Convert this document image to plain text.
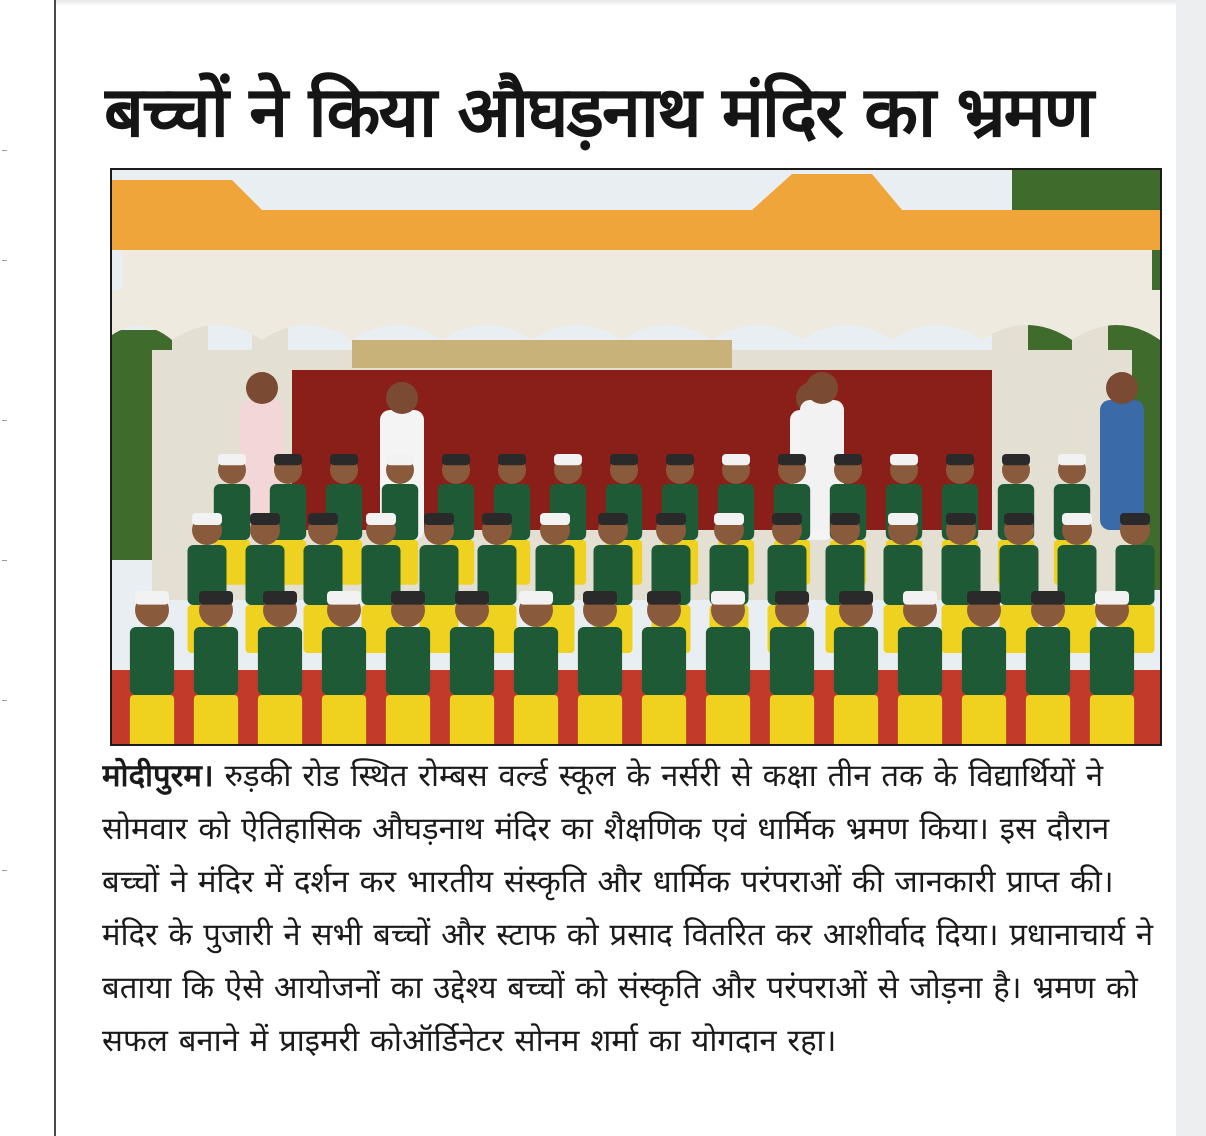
बच्चों ने किया औघड़नाथ मंदिर का भ्रमण

मोदीपुरम। रुड़की रोड स्थित रोम्बस वर्ल्ड स्कूल के नर्सरी से कक्षा तीन तक के विद्यार्थियों ने सोमवार को ऐतिहासिक औघड़नाथ मंदिर का शैक्षणिक एवं धार्मिक भ्रमण किया। इस दौरान बच्चों ने मंदिर में दर्शन कर भारतीय संस्कृति और धार्मिक परंपराओं की जानकारी प्राप्त की। मंदिर के पुजारी ने सभी बच्चों और स्टाफ को प्रसाद वितरित कर आशीर्वाद दिया। प्रधानाचार्य ने बताया कि ऐसे आयोजनों का उद्देश्य बच्चों को संस्कृति और परंपराओं से जोड़ना है। भ्रमण को सफल बनाने में प्राइमरी कोऑर्डिनेटर सोनम शर्मा का योगदान रहा।
